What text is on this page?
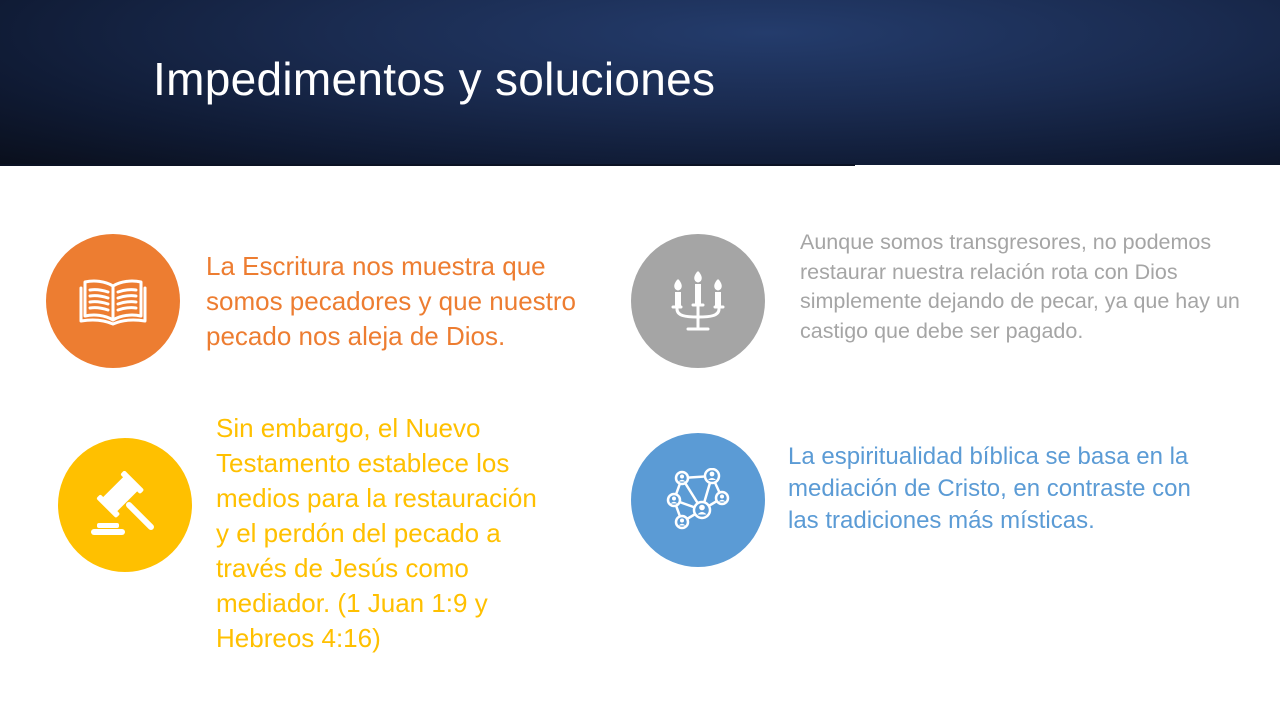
Impedimentos y soluciones

La Escritura nos muestra que somos pecadores y que nuestro pecado nos aleja de Dios.

Aunque somos transgresores, no podemos restaurar nuestra relación rota con Dios simplemente dejando de pecar, ya que hay un castigo que debe ser pagado.

Sin embargo, el Nuevo Testamento establece los medios para la restauración y el perdón del pecado a través de Jesús como mediador. (1 Juan 1:9 y Hebreos 4:16)

La espiritualidad bíblica se basa en la mediación de Cristo, en contraste con las tradiciones más místicas.
